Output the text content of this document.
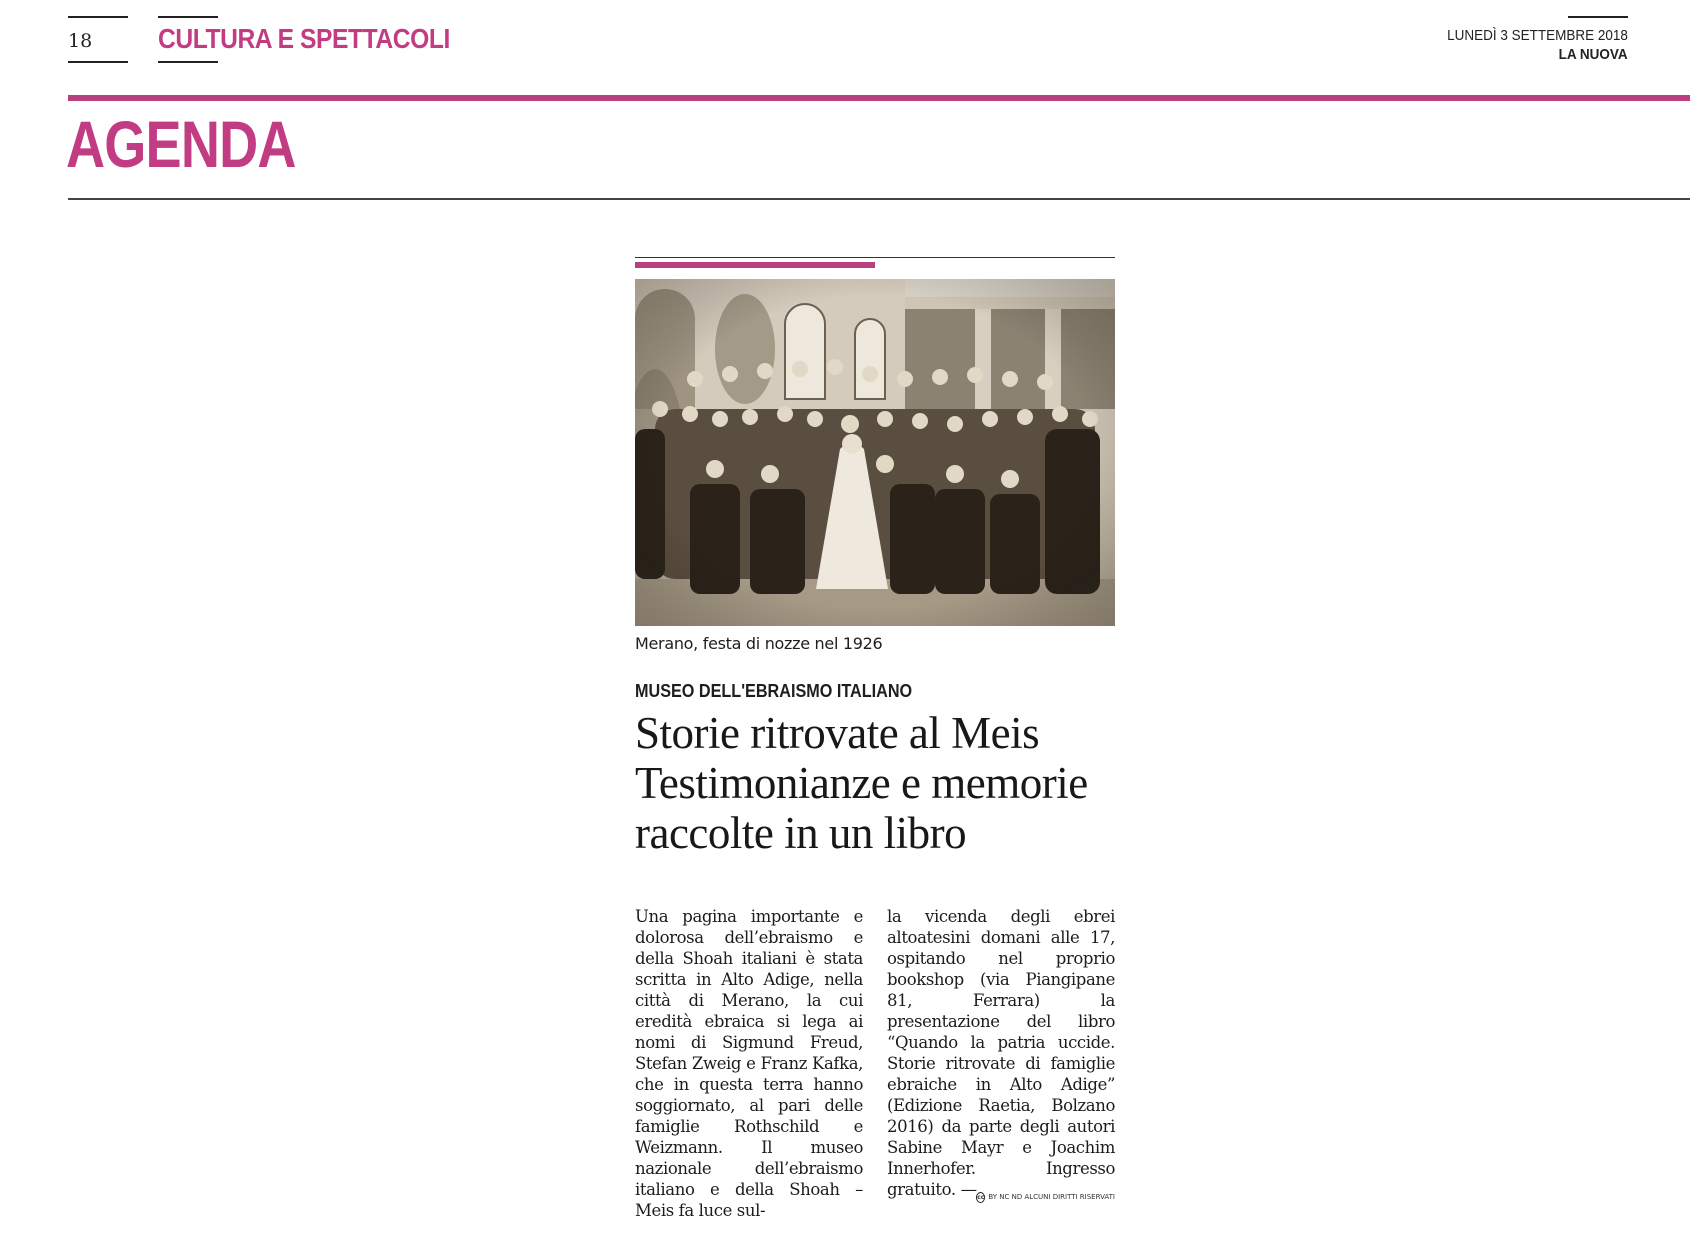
18	CULTURA E SPETTACOLI	LUNEDÌ 3 SETTEMBRE 2018
LA NUOVA
AGENDA
Merano, festa di nozze nel 1926
MUSEO DELL'EBRAISMO ITALIANO
Storie ritrovate al Meis
Testimonianze e memorie
raccolte in un libro
Una pagina importante e dolorosa dell’ebraismo e della Shoah italiani è stata scritta in Alto Adige, nella città di Merano, la cui eredità ebraica si lega ai nomi di Sigmund Freud, Stefan Zweig e Franz Kafka, che in questa terra hanno soggiornato, al pari delle famiglie Rothschild e Weizmann. Il museo nazionale dell’ebraismo italiano e della Shoah – Meis fa luce sul-
la vicenda degli ebrei altoatesini domani alle 17, ospitando nel proprio bookshop (via Piangipane 81, Ferrara) la presentazione del libro “Quando la patria uccide. Storie ritrovate di famiglie ebraiche in Alto Adige” (Edizione Raetia, Bolzano 2016) da parte degli autori Sabine Mayr e Joachim Innerhofer. Ingresso gratuito. — cc BY NC ND ALCUNI DIRITTI RISERVATI
